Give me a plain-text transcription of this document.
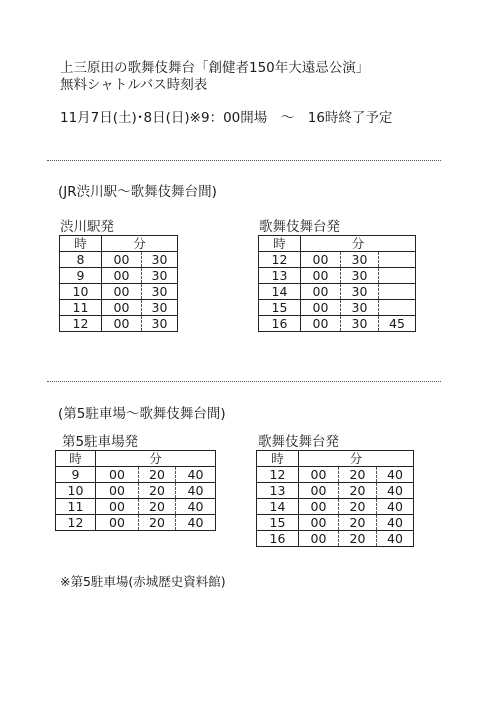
上三原田の歌舞伎舞台「創健者150年大遠忌公演」
無料シャトルバス時刻表
11月7日(土)･8日(日)※9：00開場　～　16時終了予定
(JR渋川駅～歌舞伎舞台間)
渋川駅発
時	分	
8	00	30
9	00	30
10	00	30
11	00	30
12	00	30
歌舞伎舞台発
時	分		
12	00	30	
13	00	30	
14	00	30	
15	00	30	
16	00	30	45
(第5駐車場～歌舞伎舞台間)
第5駐車場発
時	分		
9	00	20	40
10	00	20	40
11	00	20	40
12	00	20	40
歌舞伎舞台発
時	分		
12	00	20	40
13	00	20	40
14	00	20	40
15	00	20	40
16	00	20	40
※第5駐車場(赤城歴史資料館)
